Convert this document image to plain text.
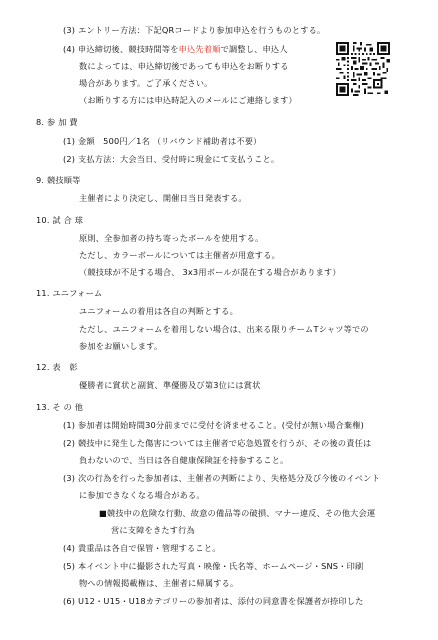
(3) エントリー方法：下記QRコードより参加申込を行うものとする。
(4) 申込締切後、競技時間等を申込先着順で調整し、申込人
数によっては、申込締切後であっても申込をお断りする
場合があります。ご了承ください。
（お断りする方には申込時記入のメールにご連絡します）
8. 参 加 費
(1) 金額　500円／1名 （リバウンド補助者は不要）
(2) 支払方法：大会当日、受付時に現金にて支払うこと。
9. 競技順等
主催者により決定し、開催日当日発表する。
10. 試 合 球
原則、全参加者の持ち寄ったボールを使用する。
ただし、カラーボールについては主催者が用意する。
（競技球が不足する場合、 3x3用ボールが混在する場合があります）
11. ユニフォーム
ユニフォームの着用は各自の判断とする。
ただし、ユニフォームを着用しない場合は、出来る限りチームTシャツ等での
参加をお願いします。
12. 表　彰
優勝者に賞状と副賞、準優勝及び第3位には賞状
13. そ の 他
(1) 参加者は開始時間30分前までに受付を済ませること。(受付が無い場合棄権)
(2) 競技中に発生した傷害については主催者で応急処置を行うが、その後の責任は
負わないので、当日は各自健康保険証を持参すること。
(3) 次の行為を行った参加者は、主催者の判断により、失格処分及び今後のイベント
に参加できなくなる場合がある。
■競技中の危険な行動、故意の備品等の破損、マナー違反、その他大会運
営に支障をきたす行為
(4) 貴重品は各自で保管・管理すること。
(5) 本イベント中に撮影された写真・映像・氏名等、ホームページ・SNS・印刷
物への情報掲載権は、主催者に帰属する。
(6) U12・U15・U18カテゴリーの参加者は、添付の同意書を保護者が捺印した
